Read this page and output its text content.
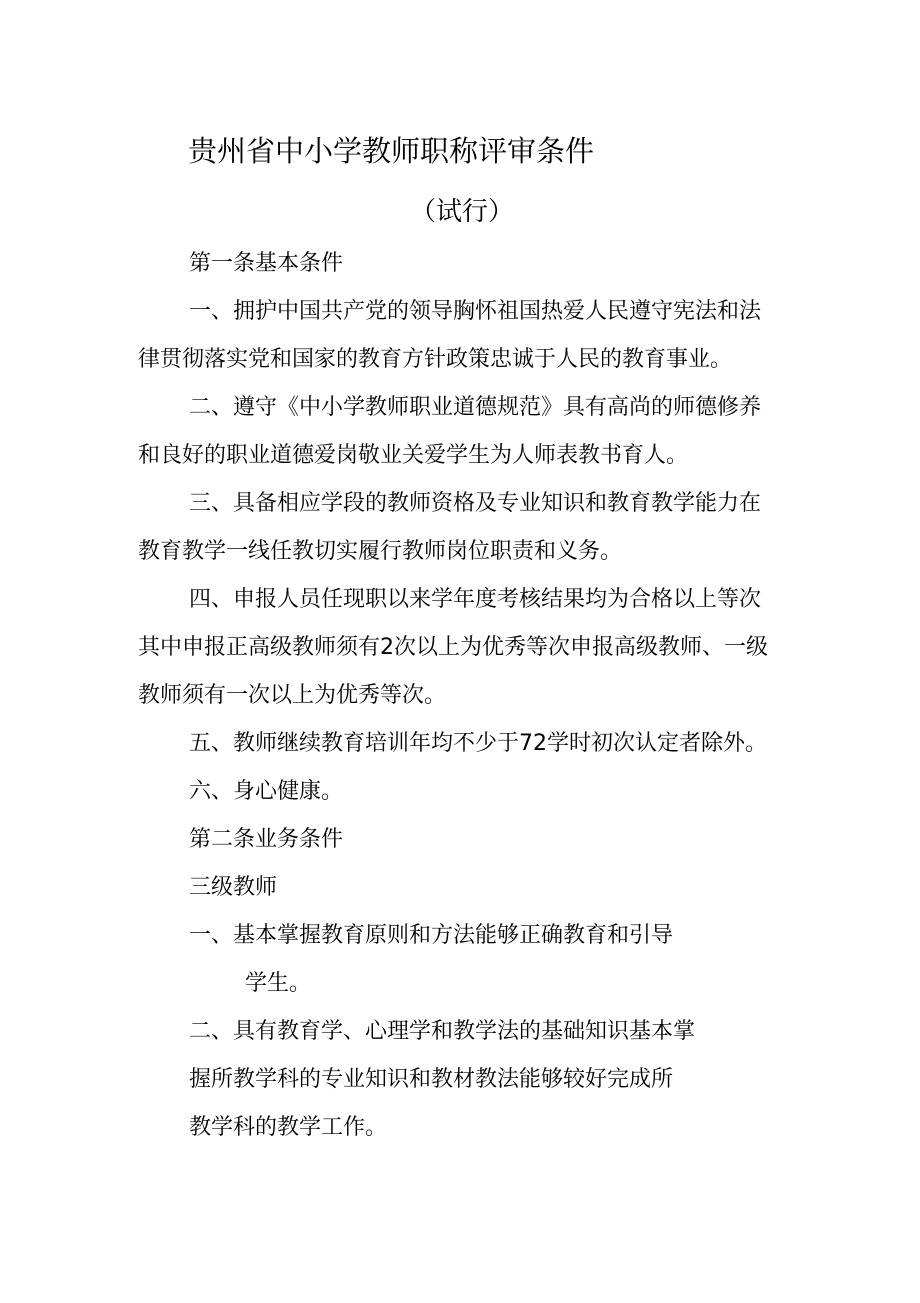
贵州省中小学教师职称评审条件
（试行）
第一条基本条件
一、拥护中国共产党的领导胸怀祖国热爱人民遵守宪法和法
律贯彻落实党和国家的教育方针政策忠诚于人民的教育事业。
二、遵守《中小学教师职业道德规范》具有高尚的师德修养
和良好的职业道德爱岗敬业关爱学生为人师表教书育人。
三、具备相应学段的教师资格及专业知识和教育教学能力在
教育教学一线任教切实履行教师岗位职责和义务。
四、申报人员任现职以来学年度考核结果均为合格以上等次
其中申报正高级教师须有2次以上为优秀等次申报高级教师、一级
教师须有一次以上为优秀等次。
五、教师继续教育培训年均不少于72学时初次认定者除外。
六、身心健康。
第二条业务条件
三级教师
一、基本掌握教育原则和方法能够正确教育和引导
学生。
二、具有教育学、心理学和教学法的基础知识基本掌
握所教学科的专业知识和教材教法能够较好完成所
教学科的教学工作。
